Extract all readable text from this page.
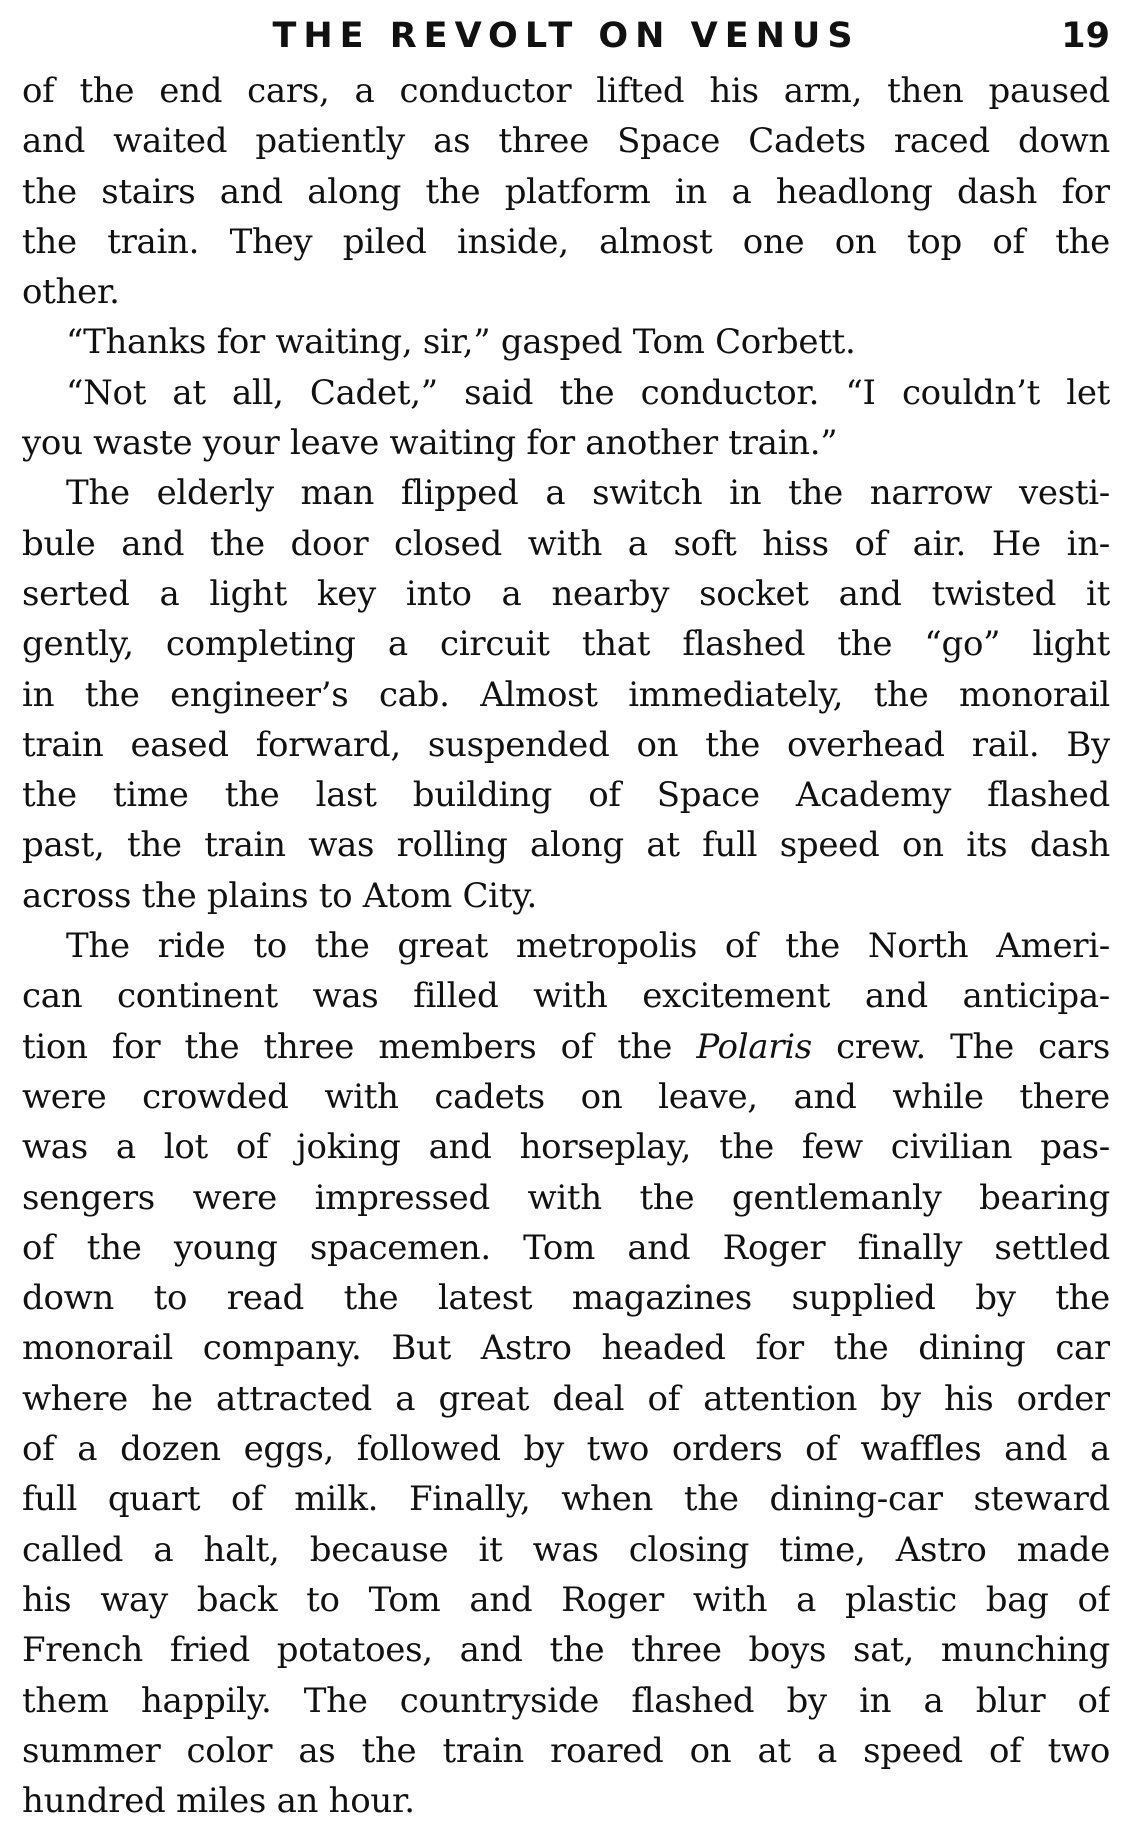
THE REVOLT ON VENUS	19
of the end cars, a conductor lifted his arm, then paused
and waited patiently as three Space Cadets raced down
the stairs and along the platform in a headlong dash for
the train. They piled inside, almost one on top of the
other.
“Thanks for waiting, sir,” gasped Tom Corbett.
“Not at all, Cadet,” said the conductor. “I couldn’t let
you waste your leave waiting for another train.”
The elderly man flipped a switch in the narrow vesti-
bule and the door closed with a soft hiss of air. He in-
serted a light key into a nearby socket and twisted it
gently, completing a circuit that flashed the “go” light
in the engineer’s cab. Almost immediately, the monorail
train eased forward, suspended on the overhead rail. By
the time the last building of Space Academy flashed
past, the train was rolling along at full speed on its dash
across the plains to Atom City.
The ride to the great metropolis of the North Ameri-
can continent was filled with excitement and anticipa-
tion for the three members of the Polaris crew. The cars
were crowded with cadets on leave, and while there
was a lot of joking and horseplay, the few civilian pas-
sengers were impressed with the gentlemanly bearing
of the young spacemen. Tom and Roger finally settled
down to read the latest magazines supplied by the
monorail company. But Astro headed for the dining car
where he attracted a great deal of attention by his order
of a dozen eggs, followed by two orders of waffles and a
full quart of milk. Finally, when the dining-car steward
called a halt, because it was closing time, Astro made
his way back to Tom and Roger with a plastic bag of
French fried potatoes, and the three boys sat, munching
them happily. The countryside flashed by in a blur of
summer color as the train roared on at a speed of two
hundred miles an hour.
